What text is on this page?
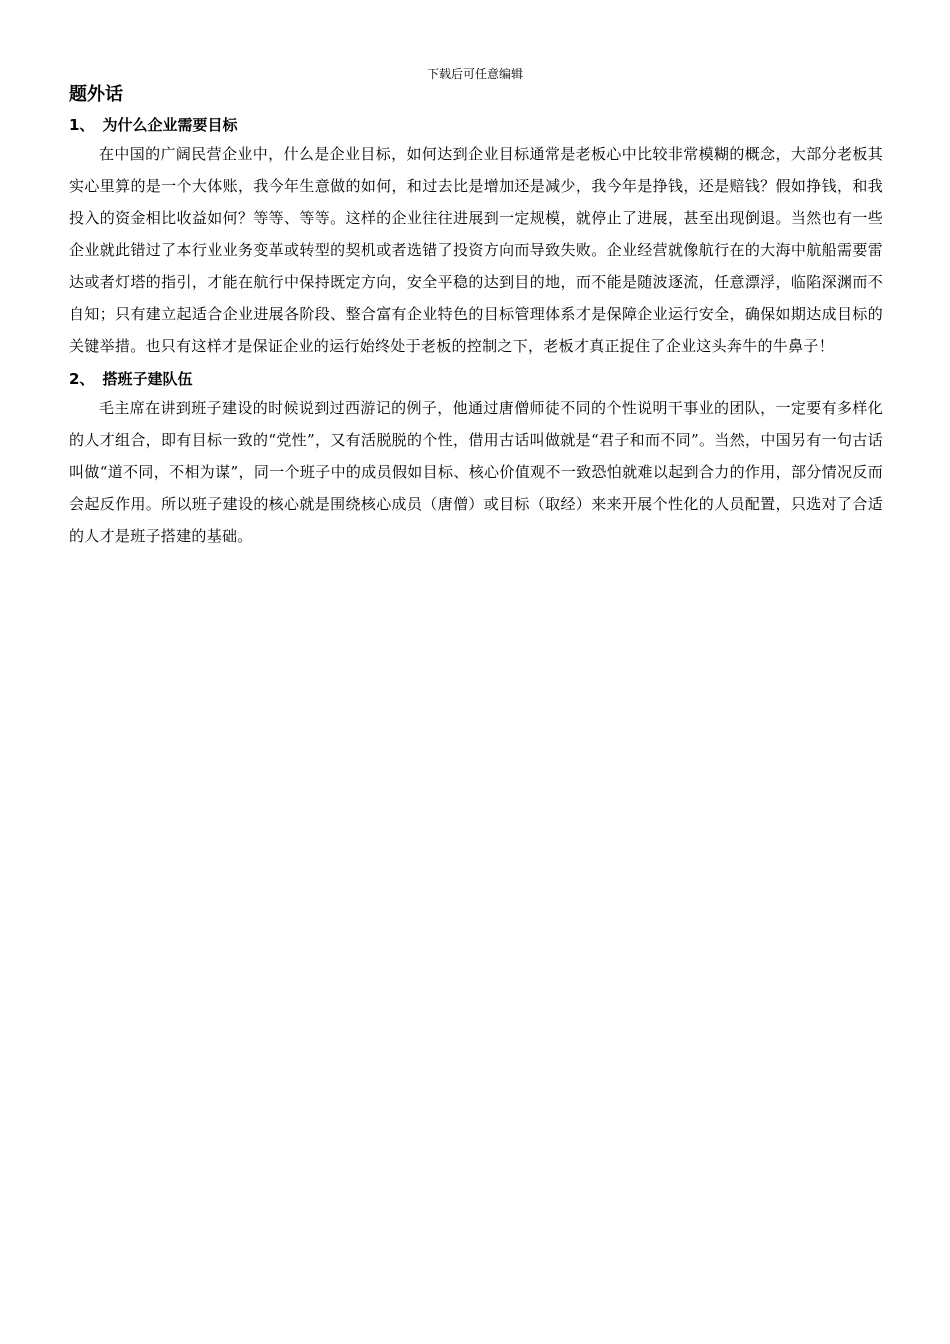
下载后可任意编辑
题外话
1、 为什么企业需要目标

在中国的广阔民营企业中，什么是企业目标，如何达到企业目标通常是老板心中比较非常模糊的概念，大部分老板其实心里算的是一个大体账，我今年生意做的如何，和过去比是增加还是减少，我今年是挣钱，还是赔钱？假如挣钱，和我投入的资金相比收益如何？等等、等等。这样的企业往往进展到一定规模，就停止了进展，甚至出现倒退。当然也有一些企业就此错过了本行业业务变革或转型的契机或者选错了投资方向而导致失败。企业经营就像航行在的大海中航船需要雷达或者灯塔的指引，才能在航行中保持既定方向，安全平稳的达到目的地，而不能是随波逐流，任意漂浮，临陷深渊而不自知；只有建立起适合企业进展各阶段、整合富有企业特色的目标管理体系才是保障企业运行安全，确保如期达成目标的关键举措。也只有这样才是保证企业的运行始终处于老板的控制之下，老板才真正捉住了企业这头奔牛的牛鼻子！

2、 搭班子建队伍

毛主席在讲到班子建设的时候说到过西游记的例子，他通过唐僧师徒不同的个性说明干事业的团队，一定要有多样化的人才组合，即有目标一致的“党性”，又有活脱脱的个性，借用古话叫做就是“君子和而不同”。当然，中国另有一句古话叫做“道不同，不相为谋”，同一个班子中的成员假如目标、核心价值观不一致恐怕就难以起到合力的作用，部分情况反而会起反作用。所以班子建设的核心就是围绕核心成员（唐僧）或目标（取经）来来开展个性化的人员配置，只选对了合适的人才是班子搭建的基础。
